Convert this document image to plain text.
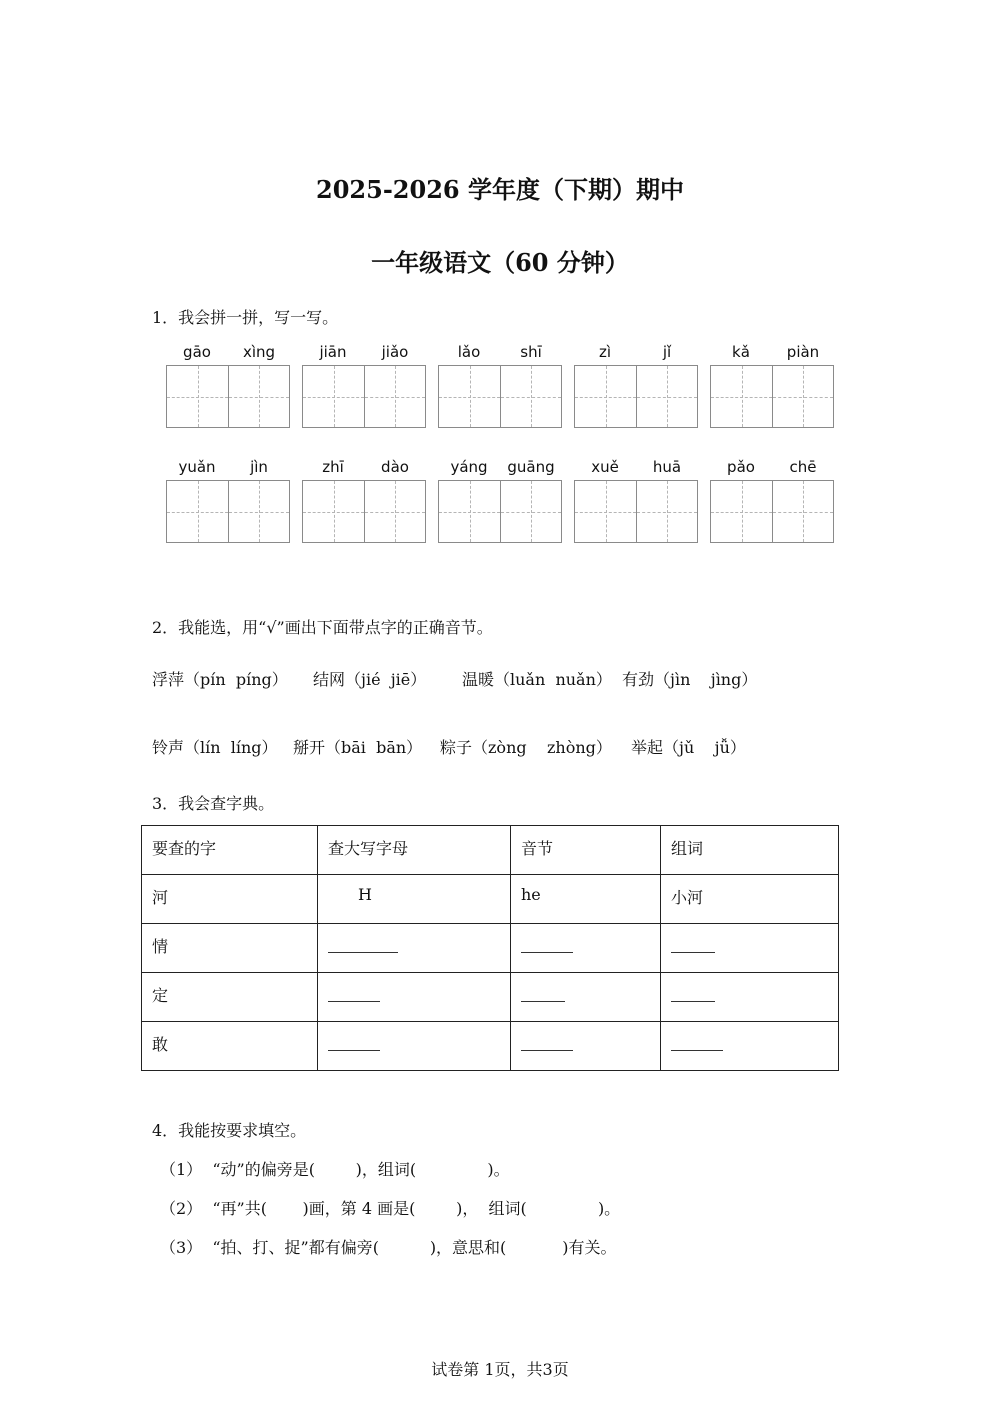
2025-2026 学年度（下期）期中
一年级语文（60 分钟）
1．我会拼一拼，写一写。
gāo	xìng	jiān	jiǎo	lǎo	shī	zì	jǐ	kǎ	piàn
yuǎn	jìn	zhī	dào	yáng	guāng	xuě	huā	pǎo	chē
2．我能选，用“√”画出下面带点字的正确音节。
浮萍（pín  píng） 结网（jié  jiē） 温暖（luǎn  nuǎn） 有劲（jìn    jìng）
铃声（lín  líng） 掰开（bāi  bān） 粽子（zòng    zhòng） 举起（jǔ    jǚ）
3．我会查字典。
要查的字	查大写字母	音节	组词
河	H	he	小河
情			
定			
敢			
4．我能按要求填空。
（1）  “动”的偏旁是(        )，组词(              )。
（2）  “再”共(       )画，第 4 画是(        )，  组词(              )。
（3）  “拍、打、捉”都有偏旁(          )，意思和(           )有关。
试卷第 1页，共3页
